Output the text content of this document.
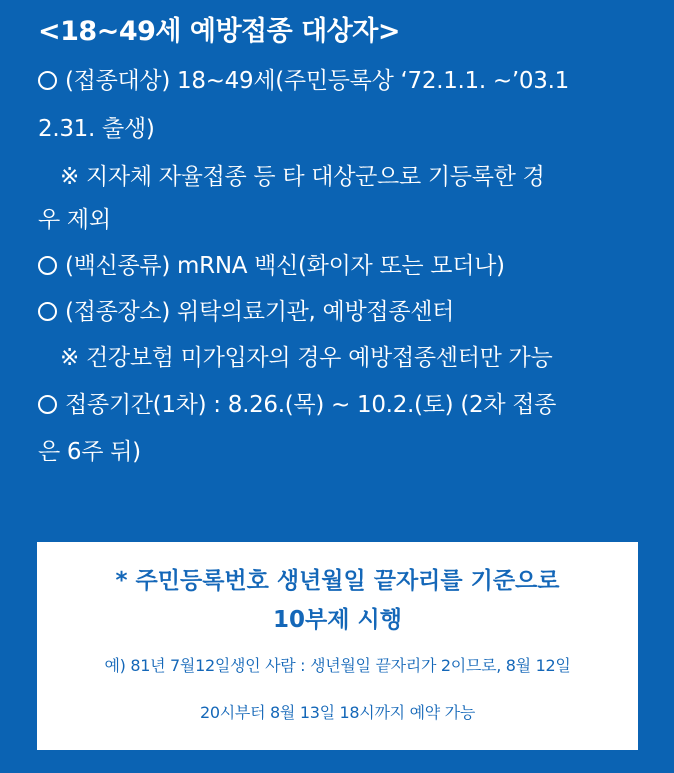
<18~49세 예방접종 대상자>
(접종대상) 18~49세(주민등록상 ‘72.1.1. ~’03.1
2.31. 출생)
※ 지자체 자율접종 등 타 대상군으로 기등록한 경
우 제외
(백신종류) mRNA 백신(화이자 또는 모더나)
(접종장소) 위탁의료기관, 예방접종센터
※ 건강보험 미가입자의 경우 예방접종센터만 가능
접종기간(1차) : 8.26.(목) ~ 10.2.(토) (2차 접종
은 6주 뒤)
* 주민등록번호 생년월일 끝자리를 기준으로
10부제 시행
예) 81년 7월12일생인 사람 : 생년월일 끝자리가 2이므로, 8월 12일
20시부터 8월 13일 18시까지 예약 가능
